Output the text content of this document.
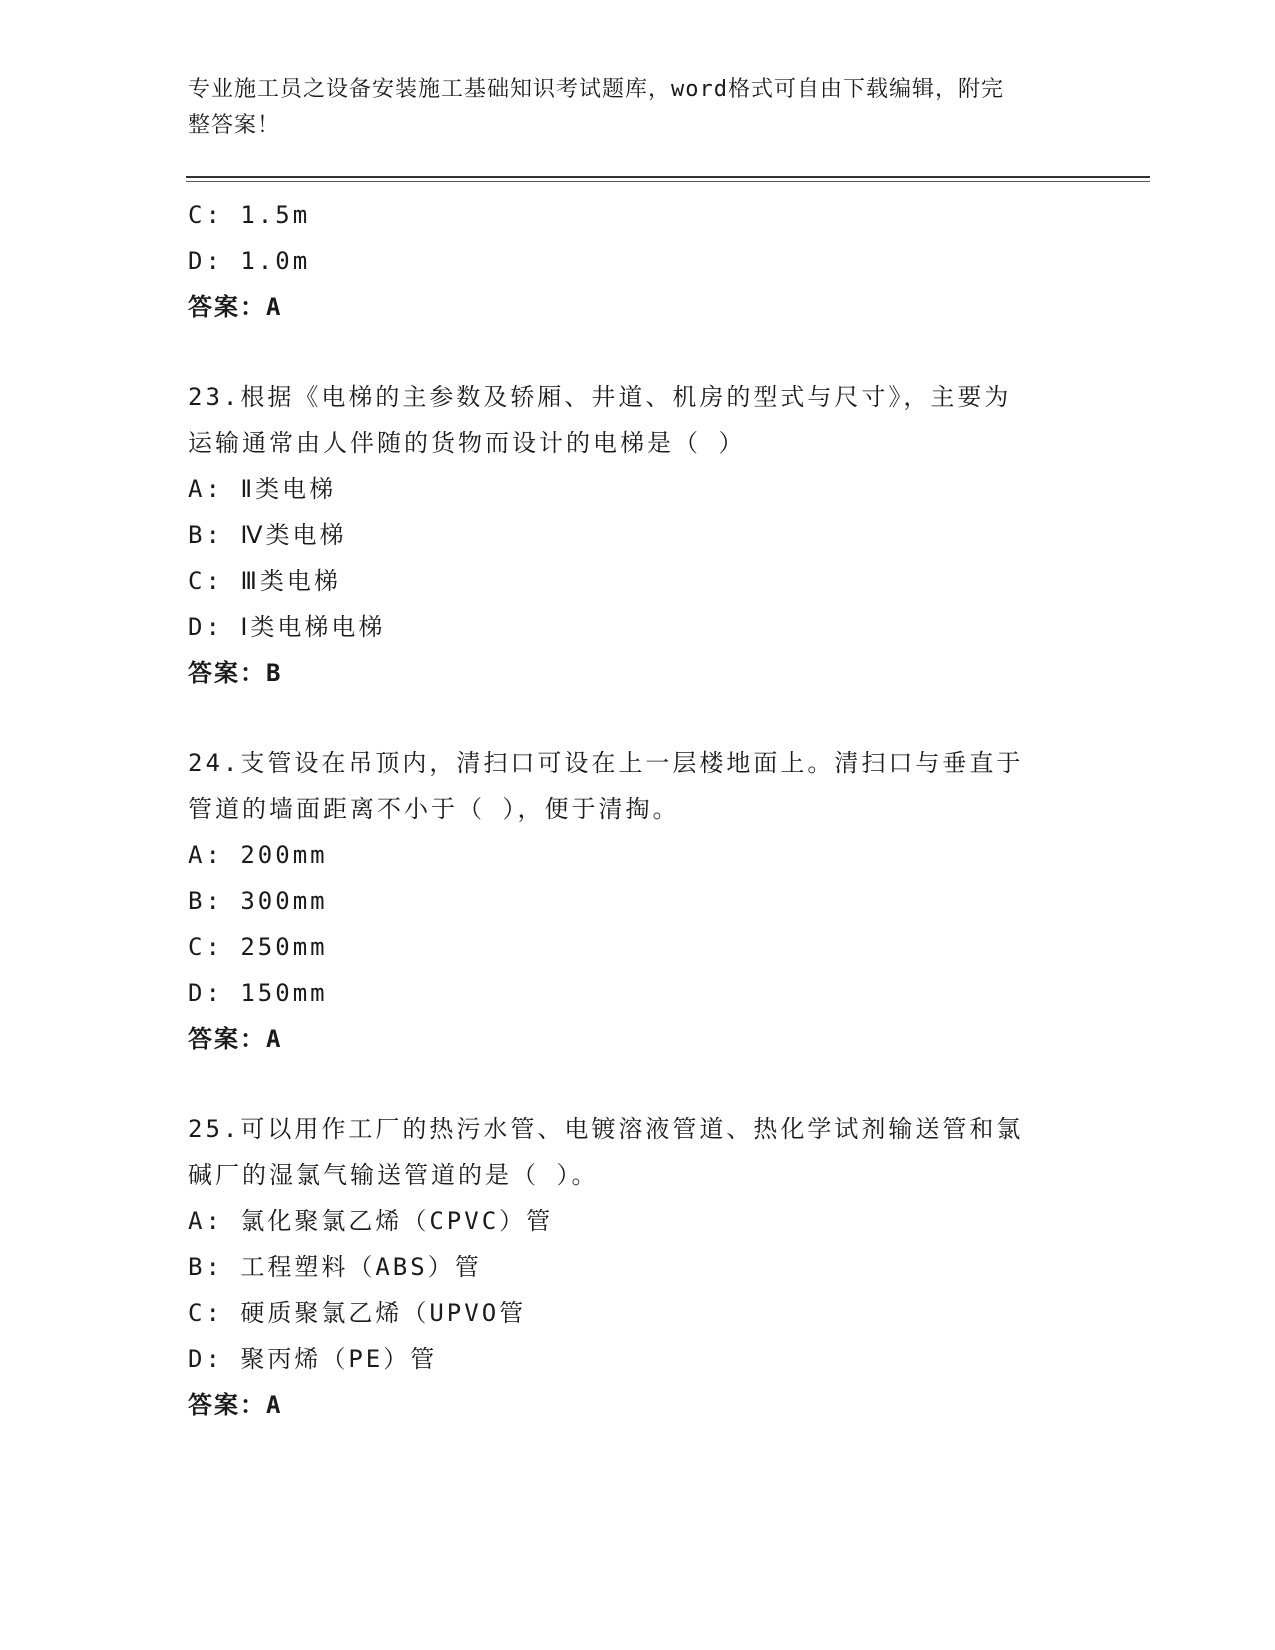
专业施工员之设备安装施工基础知识考试题库，word格式可自由下载编辑，附完
整答案！
C: 1.5m
D: 1.0m
答案：A
23.根据《电梯的主参数及轿厢、井道、机房的型式与尺寸》，主要为
运输通常由人伴随的货物而设计的电梯是（ ）
A: Ⅱ类电梯
B: Ⅳ类电梯
C: Ⅲ类电梯
D: Ⅰ类电梯电梯
答案：B
24.支管设在吊顶内，清扫口可设在上一层楼地面上。清扫口与垂直于
管道的墙面距离不小于（ ），便于清掏。
A: 200mm
B: 300mm
C: 250mm
D: 150mm
答案：A
25.可以用作工厂的热污水管、电镀溶液管道、热化学试剂输送管和氯
碱厂的湿氯气输送管道的是（ ）。
A: 氯化聚氯乙烯（CPVC）管
B: 工程塑料（ABS）管
C: 硬质聚氯乙烯（UPVO管
D: 聚丙烯（PE）管
答案：A
